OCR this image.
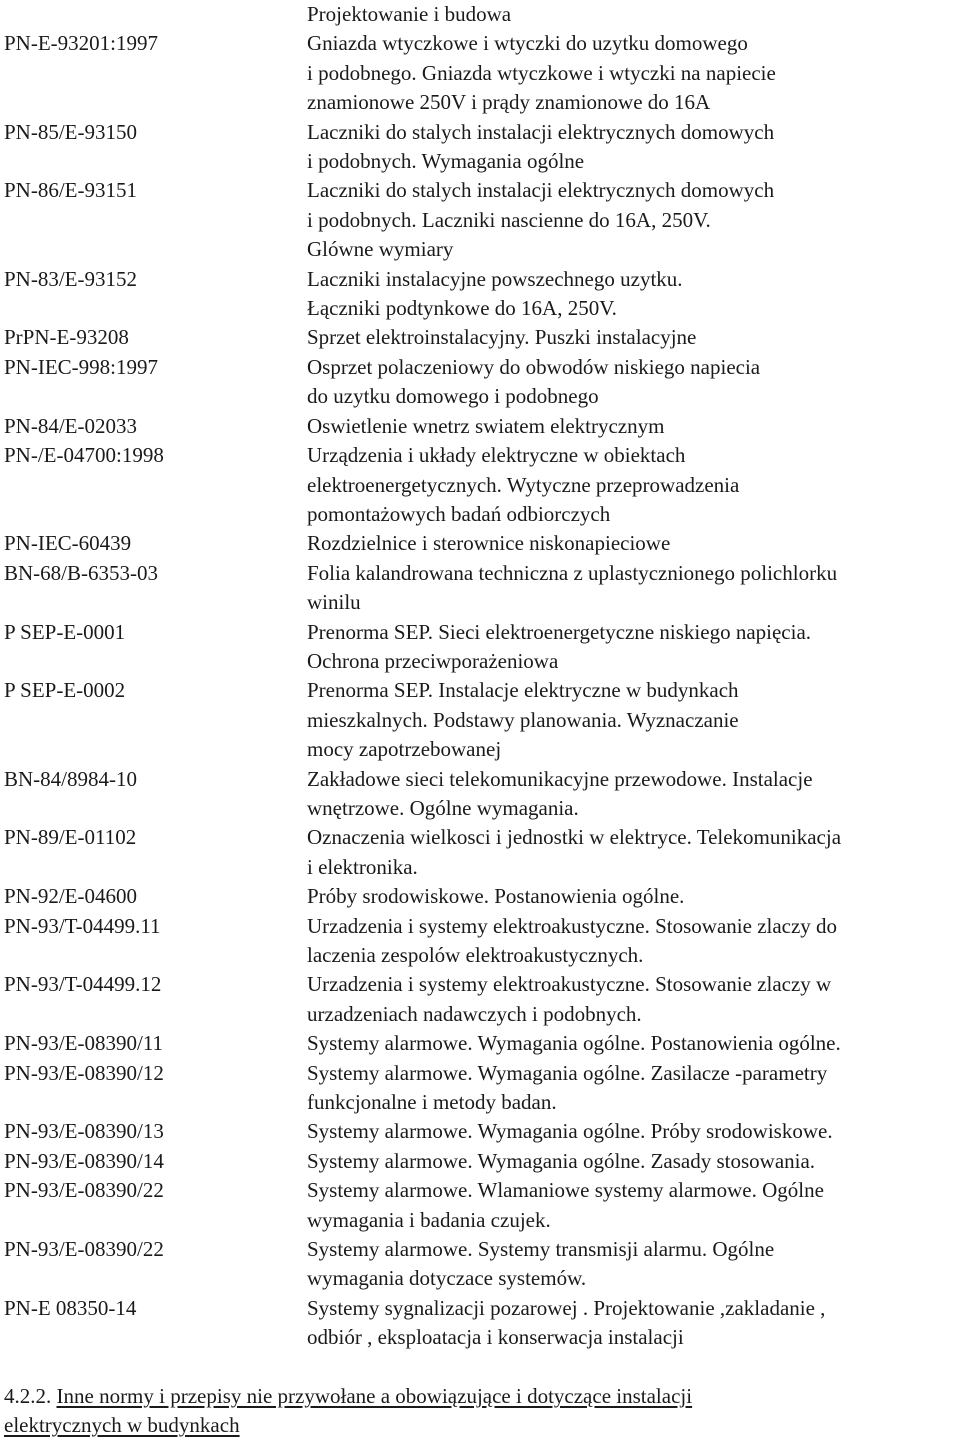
Projektowanie i budowa
PN-E-93201:1997	Gniazda wtyczkowe i wtyczki do uzytku domowego
i podobnego. Gniazda wtyczkowe i wtyczki na napiecie
znamionowe 250V i prądy znamionowe do 16A
PN-85/E-93150	Laczniki do stalych instalacji elektrycznych domowych
i podobnych. Wymagania ogólne
PN-86/E-93151	Laczniki do stalych instalacji elektrycznych domowych
i podobnych. Laczniki nascienne do 16A, 250V.
Glówne wymiary
PN-83/E-93152	Laczniki instalacyjne powszechnego uzytku.
Łączniki podtynkowe do 16A, 250V.
PrPN-E-93208	Sprzet elektroinstalacyjny. Puszki instalacyjne
PN-IEC-998:1997	Osprzet polaczeniowy do obwodów niskiego napiecia
do uzytku domowego i podobnego
PN-84/E-02033	Oswietlenie wnetrz swiatem elektrycznym
PN-/E-04700:1998	Urządzenia i układy elektryczne w obiektach
elektroenergetycznych. Wytyczne przeprowadzenia
pomontażowych badań odbiorczych
PN-IEC-60439	Rozdzielnice i sterownice niskonapieciowe
BN-68/B-6353-03	Folia kalandrowana techniczna z uplastycznionego polichlorku
winilu
P SEP-E-0001	Prenorma SEP. Sieci elektroenergetyczne niskiego napięcia.
Ochrona przeciwporażeniowa
P SEP-E-0002	Prenorma SEP. Instalacje elektryczne w budynkach
mieszkalnych. Podstawy planowania. Wyznaczanie
mocy zapotrzebowanej
BN-84/8984-10	Zakładowe sieci telekomunikacyjne przewodowe. Instalacje
wnętrzowe. Ogólne wymagania.
PN-89/E-01102	Oznaczenia wielkosci i jednostki w elektryce. Telekomunikacja
i elektronika.
PN-92/E-04600	Próby srodowiskowe. Postanowienia ogólne.
PN-93/T-04499.11	Urzadzenia i systemy elektroakustyczne. Stosowanie zlaczy do
laczenia zespolów elektroakustycznych.
PN-93/T-04499.12	Urzadzenia i systemy elektroakustyczne. Stosowanie zlaczy w
urzadzeniach nadawczych i podobnych.
PN-93/E-08390/11	Systemy alarmowe. Wymagania ogólne. Postanowienia ogólne.
PN-93/E-08390/12	Systemy alarmowe. Wymagania ogólne. Zasilacze -parametry
funkcjonalne i metody badan.
PN-93/E-08390/13	Systemy alarmowe. Wymagania ogólne. Próby srodowiskowe.
PN-93/E-08390/14	Systemy alarmowe. Wymagania ogólne. Zasady stosowania.
PN-93/E-08390/22	Systemy alarmowe. Wlamaniowe systemy alarmowe. Ogólne
wymagania i badania czujek.
PN-93/E-08390/22	Systemy alarmowe. Systemy transmisji alarmu. Ogólne
wymagania dotyczace systemów.
PN-E 08350-14	Systemy sygnalizacji pozarowej . Projektowanie ,zakladanie ,
odbiór , eksploatacja i konserwacja instalacji
4.2.2. Inne normy i przepisy nie przywołane a obowiązujące i dotyczące instalacji
elektrycznych w budynkach
